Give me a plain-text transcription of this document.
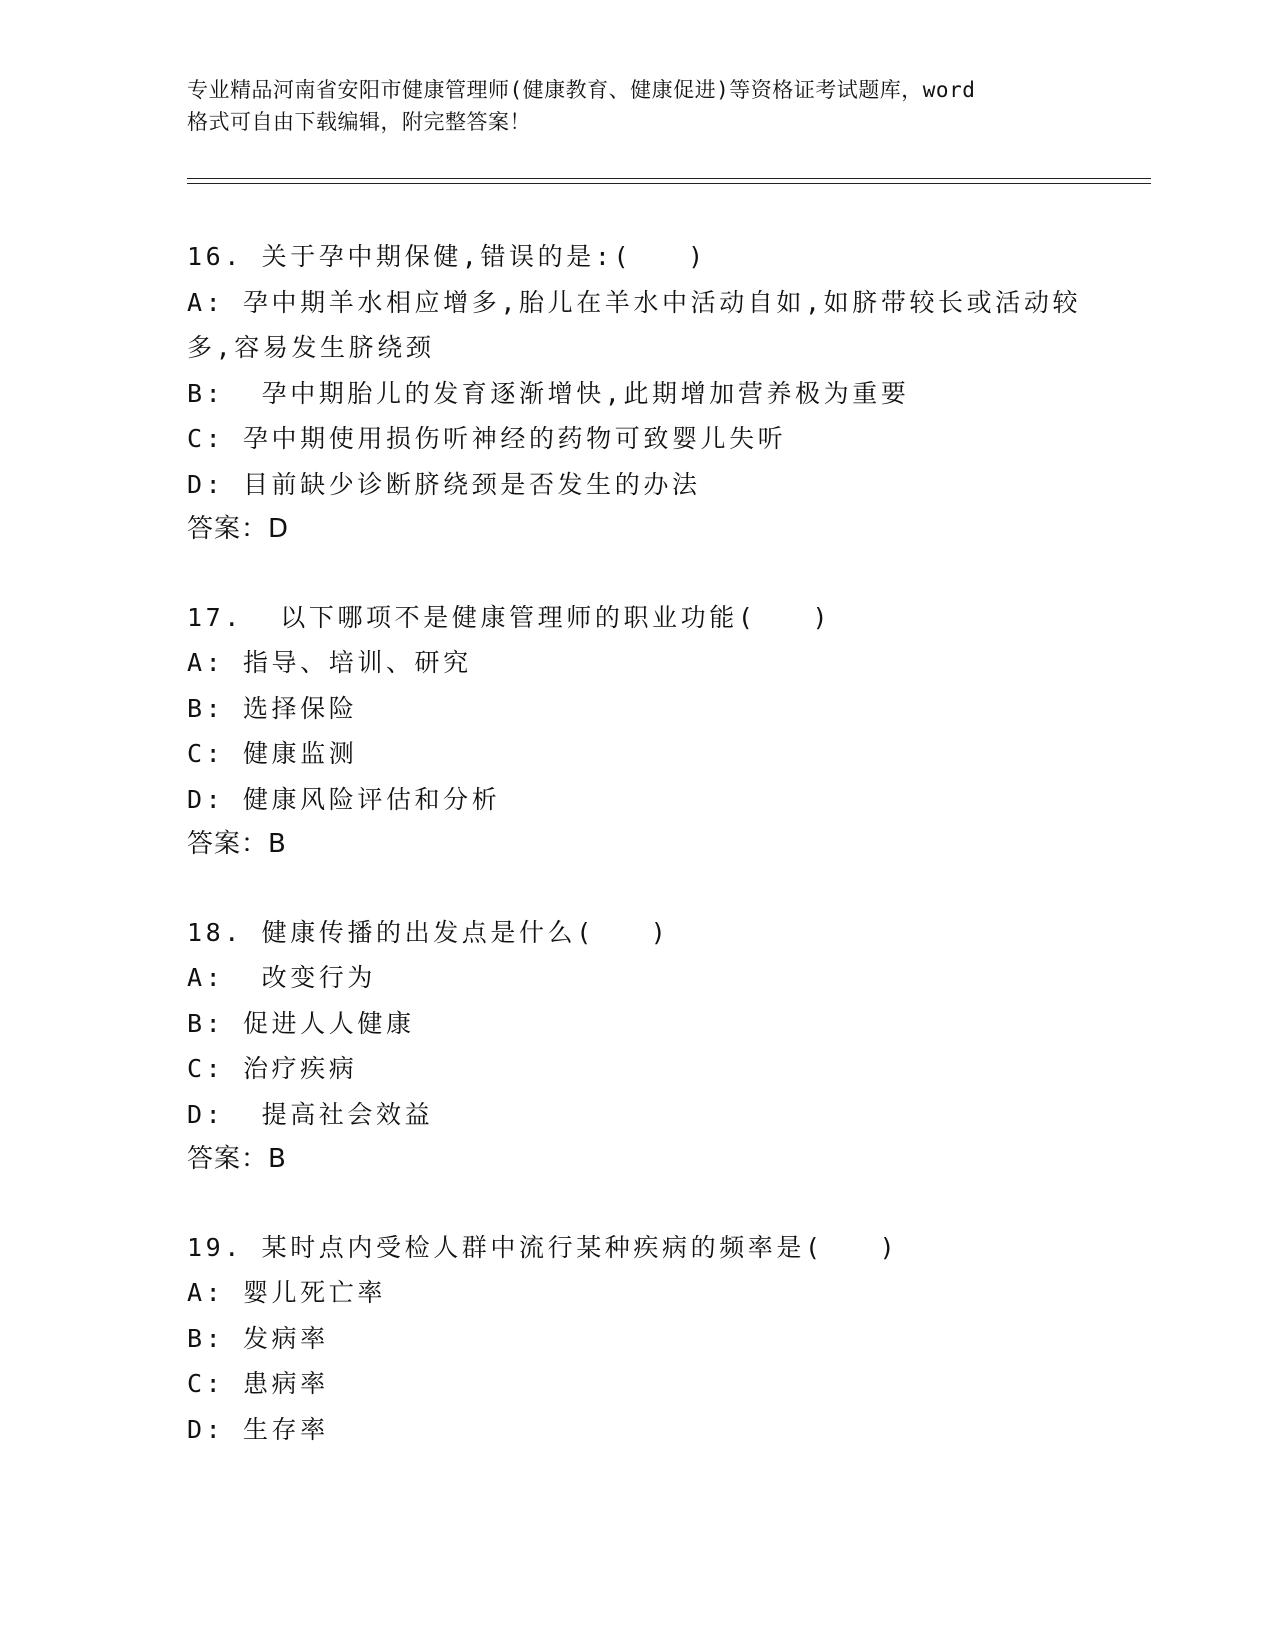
专业精品河南省安阳市健康管理师(健康教育、健康促进)等资格证考试题库，word
格式可自由下载编辑，附完整答案！
16. 关于孕中期保健,错误的是:(   )
A: 孕中期羊水相应增多,胎儿在羊水中活动自如,如脐带较长或活动较
多,容易发生脐绕颈
B:  孕中期胎儿的发育逐渐增快,此期增加营养极为重要
C: 孕中期使用损伤听神经的药物可致婴儿失听
D: 目前缺少诊断脐绕颈是否发生的办法
答案：D
17.  以下哪项不是健康管理师的职业功能(   )
A: 指导、培训、研究
B: 选择保险
C: 健康监测
D: 健康风险评估和分析
答案：B
18. 健康传播的出发点是什么(   )
A:  改变行为
B: 促进人人健康
C: 治疗疾病
D:  提高社会效益
答案：B
19. 某时点内受检人群中流行某种疾病的频率是(   )
A: 婴儿死亡率
B: 发病率
C: 患病率
D: 生存率
